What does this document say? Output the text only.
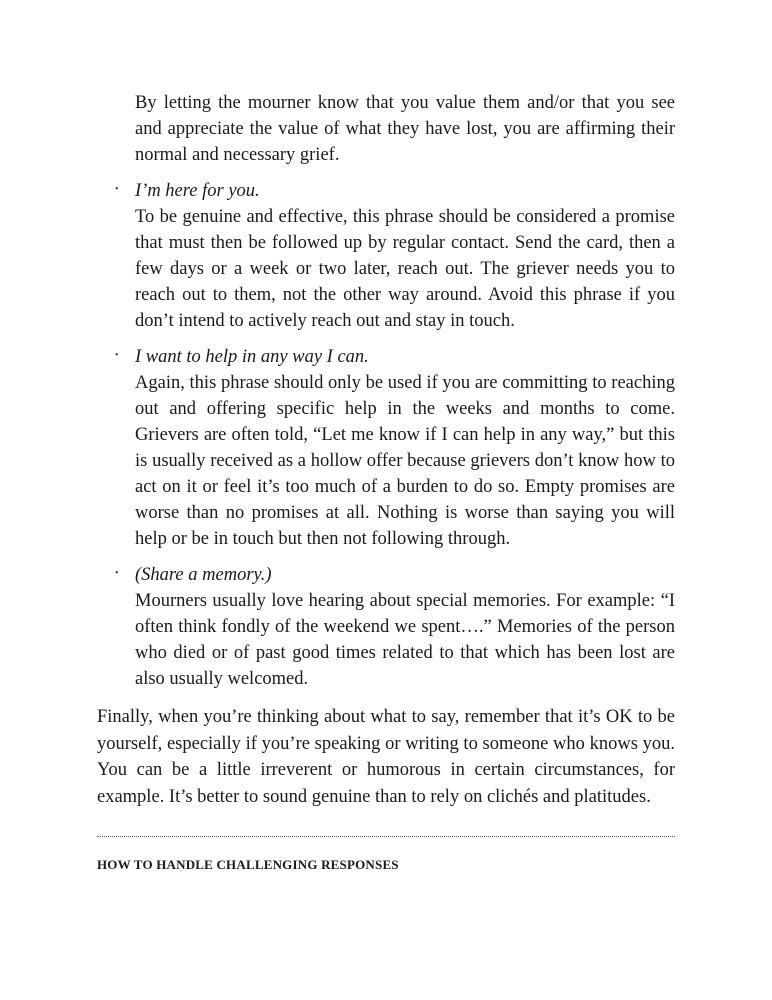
By letting the mourner know that you value them and/or that you see and appreciate the value of what they have lost, you are affirming their normal and necessary grief.

• I’m here for you.
To be genuine and effective, this phrase should be considered a promise that must then be followed up by regular contact. Send the card, then a few days or a week or two later, reach out. The griever needs you to reach out to them, not the other way around. Avoid this phrase if you don’t intend to actively reach out and stay in touch.
• I want to help in any way I can.
Again, this phrase should only be used if you are committing to reaching out and offering specific help in the weeks and months to come. Grievers are often told, “Let me know if I can help in any way,” but this is usually received as a hollow offer because grievers don’t know how to act on it or feel it’s too much of a burden to do so. Empty promises are worse than no promises at all. Nothing is worse than saying you will help or be in touch but then not following through.
• (Share a memory.)
Mourners usually love hearing about special memories. For example: “I often think fondly of the weekend we spent….” Memories of the person who died or of past good times related to that which has been lost are also usually welcomed.

Finally, when you’re thinking about what to say, remember that it’s OK to be yourself, especially if you’re speaking or writing to someone who knows you. You can be a little irreverent or humorous in certain circumstances, for example. It’s better to sound genuine than to rely on clichés and platitudes.

HOW TO HANDLE CHALLENGING RESPONSES
